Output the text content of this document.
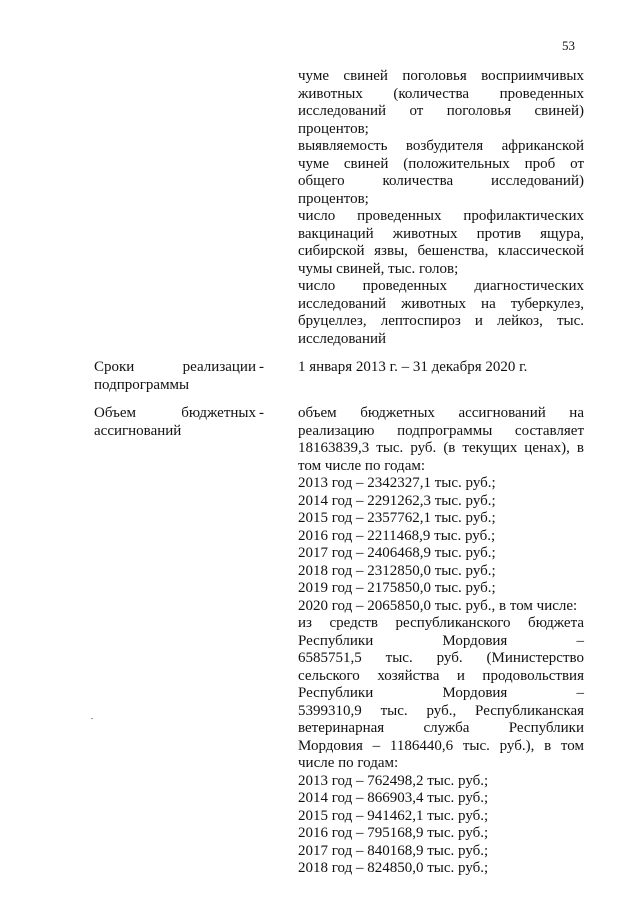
53
чуме свиней поголовья восприимчивых
животных (количества проведенных
исследований от поголовья свиней)
процентов;
выявляемость возбудителя африканской
чуме свиней (положительных проб от
общего количества исследований)
процентов;
число проведенных профилактических
вакцинаций животных против ящура,
сибирской язвы, бешенства, классической
чумы свиней, тыс. голов;
число проведенных диагностических
исследований животных на туберкулез,
бруцеллез, лептоспироз и лейкоз, тыс.
исследований
Сроки реализации подпрограммы
- 1 января 2013 г. – 31 декабря 2020 г.
Объем бюджетных ассигнований
- объем бюджетных ассигнований на
реализацию подпрограммы составляет
18163839,3 тыс. руб. (в текущих ценах), в
том числе по годам:
2013 год – 2342327,1 тыс. руб.;
2014 год – 2291262,3 тыс. руб.;
2015 год – 2357762,1 тыс. руб.;
2016 год – 2211468,9 тыс. руб.;
2017 год – 2406468,9 тыс. руб.;
2018 год – 2312850,0 тыс. руб.;
2019 год – 2175850,0 тыс. руб.;
2020 год – 2065850,0 тыс. руб., в том числе:
из средств республиканского бюджета
Республики Мордовия –
6585751,5 тыс. руб. (Министерство
сельского хозяйства и продовольствия
Республики Мордовия –
5399310,9 тыс. руб., Республиканская
ветеринарная служба Республики
Мордовия – 1186440,6 тыс. руб.), в том
числе по годам:
2013 год – 762498,2 тыс. руб.;
2014 год – 866903,4 тыс. руб.;
2015 год – 941462,1 тыс. руб.;
2016 год – 795168,9 тыс. руб.;
2017 год – 840168,9 тыс. руб.;
2018 год – 824850,0 тыс. руб.;
